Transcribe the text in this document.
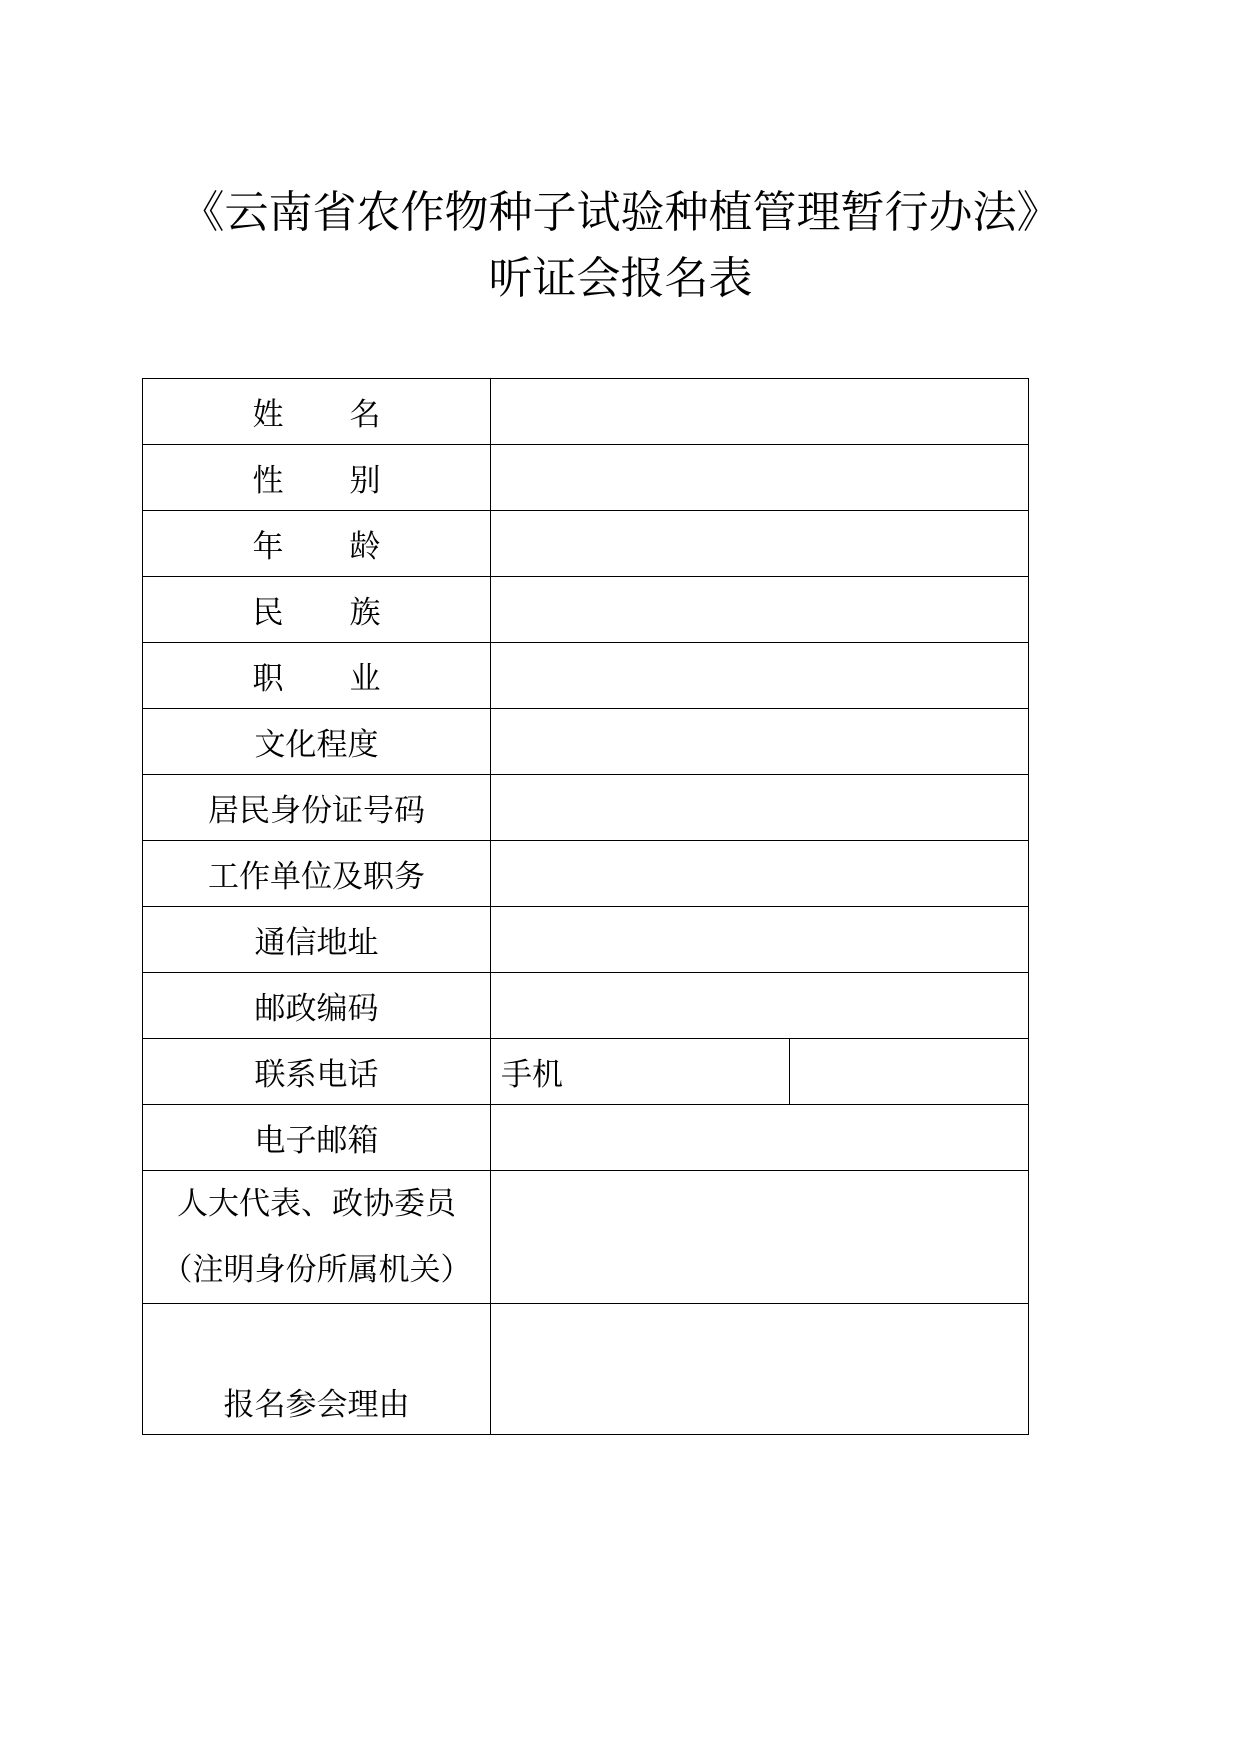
《云南省农作物种子试验种植管理暂行办法》
听证会报名表
姓 名		
性 别		
年 龄		
民 族		
职 业		
文化程度		
居民身份证号码		
工作单位及职务		
通信地址		
邮政编码		
联系电话	手机	
电子邮箱		

人大代表、政协委员
（注明身份所属机关）		

报名参会理由		
